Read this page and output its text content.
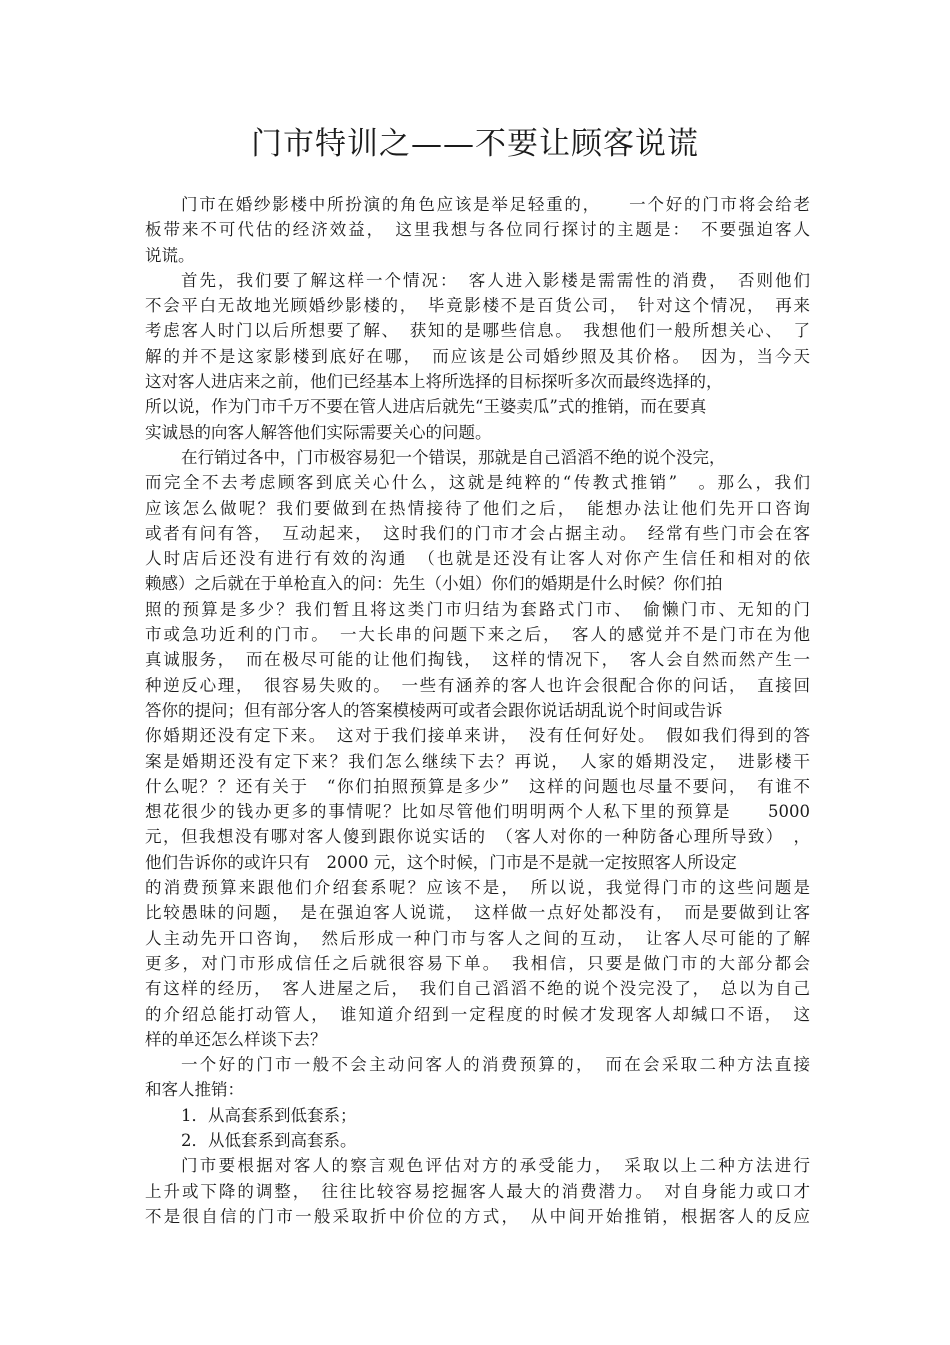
门市特训之——不要让顾客说谎
门市在婚纱影楼中所扮演的角色应该是举足轻重的，　　一个好的门市将会给老
板带来不可代估的经济效益，　这里我想与各位同行探讨的主题是：　不要强迫客人
说谎。
首先，我们要了解这样一个情况：　客人进入影楼是需需性的消费，　否则他们
不会平白无故地光顾婚纱影楼的，　毕竟影楼不是百货公司，　针对这个情况，　再来
考虑客人时门以后所想要了解、　获知的是哪些信息。　我想他们一般所想关心、　了
解的并不是这家影楼到底好在哪，　而应该是公司婚纱照及其价格。　因为，当今天
这对客人进店来之前，他们已经基本上将所选择的目标探听多次而最终选择的，
所以说，作为门市千万不要在管人进店后就先“王婆卖瓜”式的推销，而在要真
实诚恳的向客人解答他们实际需要关心的问题。
在行销过各中，门市极容易犯一个错误，那就是自己滔滔不绝的说个没完，
而完全不去考虑顾客到底关心什么，这就是纯粹的“传教式推销”　。那么，我们
应该怎么做呢？我们要做到在热情接待了他们之后，　能想办法让他们先开口咨询
或者有问有答，　互动起来，　这时我们的门市才会占据主动。　经常有些门市会在客
人时店后还没有进行有效的沟通　（也就是还没有让客人对你产生信任和相对的依
赖感）之后就在于单枪直入的问：先生（小姐）你们的婚期是什么时候？你们拍
照的预算是多少？我们暂且将这类门市归结为套路式门市、　偷懒门市、无知的门
市或急功近利的门市。　一大长串的问题下来之后，　客人的感觉并不是门市在为他
真诚服务，　而在极尽可能的让他们掏钱，　这样的情况下，　客人会自然而然产生一
种逆反心理，　很容易失败的。　一些有涵养的客人也许会很配合你的问话，　直接回
答你的提问；但有部分客人的答案模棱两可或者会跟你说话胡乱说个时间或告诉
你婚期还没有定下来。　这对于我们接单来讲，　没有任何好处。　假如我们得到的答
案是婚期还没有定下来？我们怎么继续下去？再说，　人家的婚期没定，　进影楼干
什么呢？？还有关于　“你们拍照预算是多少”　这样的问题也尽量不要问，　有谁不
想花很少的钱办更多的事情呢？比如尽管他们明明两个人私下里的预算是　　5000
元，但我想没有哪对客人傻到跟你说实话的　（客人对你的一种防备心理所导致）　，
他们告诉你的或许只有　2000 元，这个时候，门市是不是就一定按照客人所设定
的消费预算来跟他们介绍套系呢？应该不是，　所以说，我觉得门市的这些问题是
比较愚昧的问题，　是在强迫客人说谎，　这样做一点好处都没有，　而是要做到让客
人主动先开口咨询，　然后形成一种门市与客人之间的互动，　让客人尽可能的了解
更多，对门市形成信任之后就很容易下单。　我相信，只要是做门市的大部分都会
有这样的经历，　客人进屋之后，　我们自己滔滔不绝的说个没完没了，　总以为自己
的介绍总能打动管人，　谁知道介绍到一定程度的时候才发现客人却缄口不语，　这
样的单还怎么样谈下去？
一个好的门市一般不会主动问客人的消费预算的，　而在会采取二种方法直接
和客人推销：
1．从高套系到低套系；
2．从低套系到高套系。
门市要根据对客人的察言观色评估对方的承受能力，　采取以上二种方法进行
上升或下降的调整，　往往比较容易挖掘客人最大的消费潜力。　对自身能力或口才
不是很自信的门市一般采取折中价位的方式，　从中间开始推销，根据客人的反应
